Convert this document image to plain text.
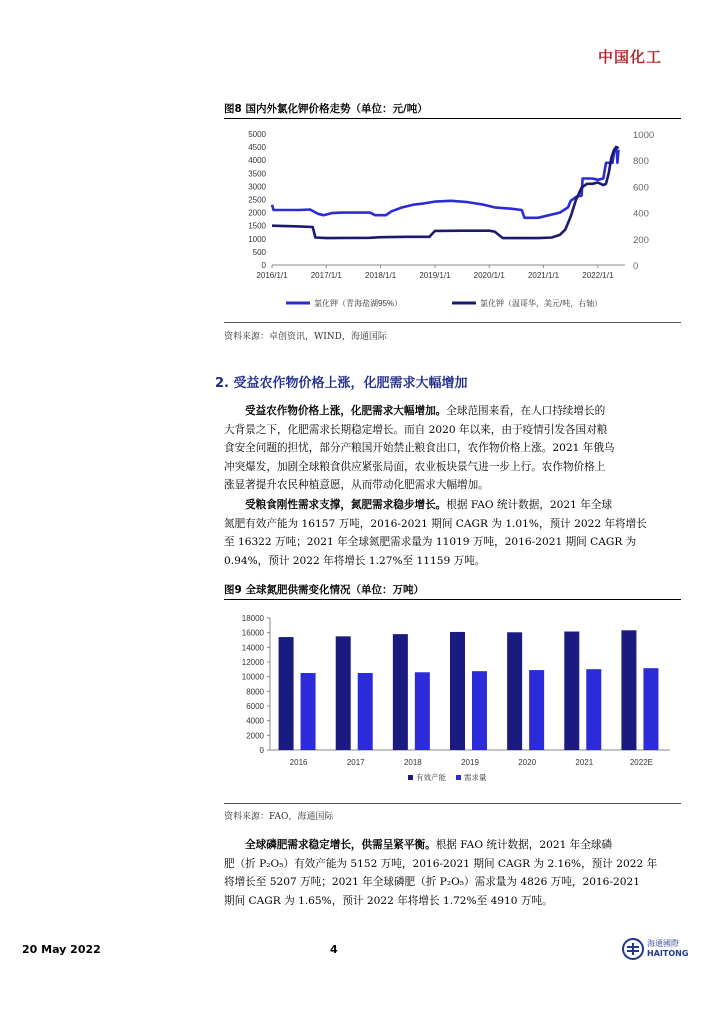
中国化工
图8 国内外氯化钾价格走势（单位：元/吨）
5000
4500
4000
3500
3000
2500
2000
1500
1000
500
0
1000
800
600
400
200
0
2016/1/1	2017/1/1	2018/1/1	2019/1/1	2020/1/1	2021/1/1	2022/1/1
氯化钾（青海盐湖95%）	氯化钾（温哥华，美元/吨，右轴）
资料来源：卓创资讯，WIND，海通国际
2. 受益农作物价格上涨，化肥需求大幅增加
受益农作物价格上涨，化肥需求大幅增加。全球范围来看，在人口持续增长的
大背景之下，化肥需求长期稳定增长。而自 2020 年以来，由于疫情引发各国对粮
食安全问题的担忧，部分产粮国开始禁止粮食出口，农作物价格上涨。2021 年俄乌
冲突爆发，加剧全球粮食供应紧张局面，农业板块景气进一步上行。农作物价格上
涨显著提升农民种植意愿，从而带动化肥需求大幅增加。
受粮食刚性需求支撑，氮肥需求稳步增长。根据 FAO 统计数据，2021 年全球
氮肥有效产能为 16157 万吨，2016-2021 期间 CAGR 为 1.01%，预计 2022 年将增长
至 16322 万吨；2021 年全球氮肥需求量为 11019 万吨，2016-2021 期间 CAGR 为
0.94%，预计 2022 年将增长 1.27%至 11159 万吨。
图9 全球氮肥供需变化情况（单位：万吨）
18000
16000
14000
12000
10000
8000
6000
4000
2000
0
2016	2017	2018	2019	2020	2021	2022E
有效产能 需求量
资料来源：FAO，海通国际
全球磷肥需求稳定增长，供需呈紧平衡。根据 FAO 统计数据，2021 年全球磷
肥（折 P₂O₅）有效产能为 5152 万吨，2016-2021 期间 CAGR 为 2.16%，预计 2022 年
将增长至 5207 万吨；2021 年全球磷肥（折 P₂O₅）需求量为 4826 万吨，2016-2021
期间 CAGR 为 1.65%，预计 2022 年将增长 1.72%至 4910 万吨。
20 May 2022	4	海通國際
HAITONG
